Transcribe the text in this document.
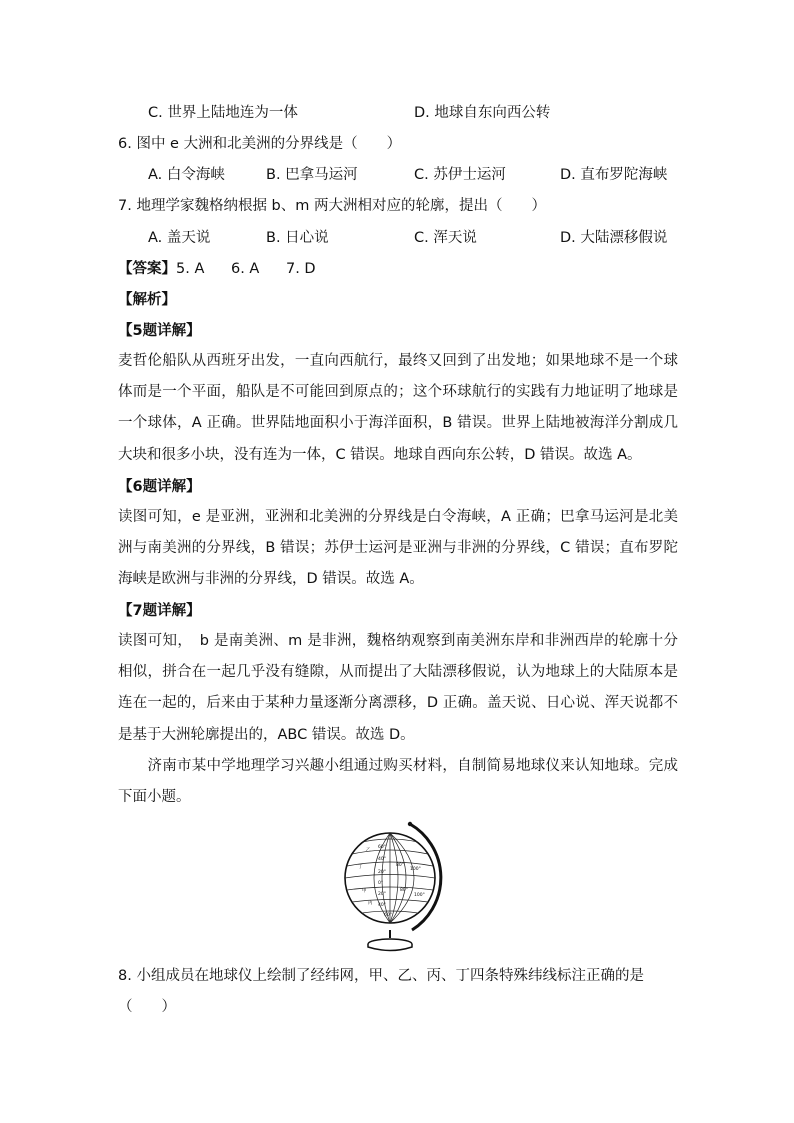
C. 世界上陆地连为一体	D. 地球自东向西公转
6. 图中 e 大洲和北美洲的分界线是（　　）
A. 白令海峡	B. 巴拿马运河	C. 苏伊士运河	D. 直布罗陀海峡
7. 地理学家魏格纳根据 b、m 两大洲相对应的轮廓，提出（　　）
A. 盖天说	B. 日心说	C. 浑天说	D. 大陆漂移假说
【答案】5. A 6. A 7. D
【解析】
【5题详解】
麦哲伦船队从西班牙出发，一直向西航行，最终又回到了出发地；如果地球不是一个球体而是一个平面，船队是不可能回到原点的；这个环球航行的实践有力地证明了地球是一个球体，A 正确。世界陆地面积小于海洋面积，B 错误。世界上陆地被海洋分割成几大块和很多小块，没有连为一体，C 错误。地球自西向东公转，D 错误。故选 A。
【6题详解】
读图可知，e 是亚洲，亚洲和北美洲的分界线是白令海峡，A 正确；巴拿马运河是北美洲与南美洲的分界线，B 错误；苏伊士运河是亚洲与非洲的分界线，C 错误；直布罗陀海峡是欧洲与非洲的分界线，D 错误。故选 A。
【7题详解】
读图可知，　b 是南美洲、m 是非洲，魏格纳观察到南美洲东岸和非洲西岸的轮廓十分相似，拼合在一起几乎没有缝隙，从而提出了大陆漂移假说，认为地球上的大陆原本是连在一起的，后来由于某种力量逐渐分离漂移，D 正确。盖天说、日心说、浑天说都不是基于大洲轮廓提出的，ABC 错误。故选 D。
　　济南市某中学地理学习兴趣小组通过购买材料，自制简易地球仪来认知地球。完成下面小题。
乙
丁
甲
丙
60°
40°
20°
0°
20°
40°
60°
80°
80°
100°
100°
8. 小组成员在地球仪上绘制了经纬网，甲、乙、丙、丁四条特殊纬线标注正确的是
（　　）
